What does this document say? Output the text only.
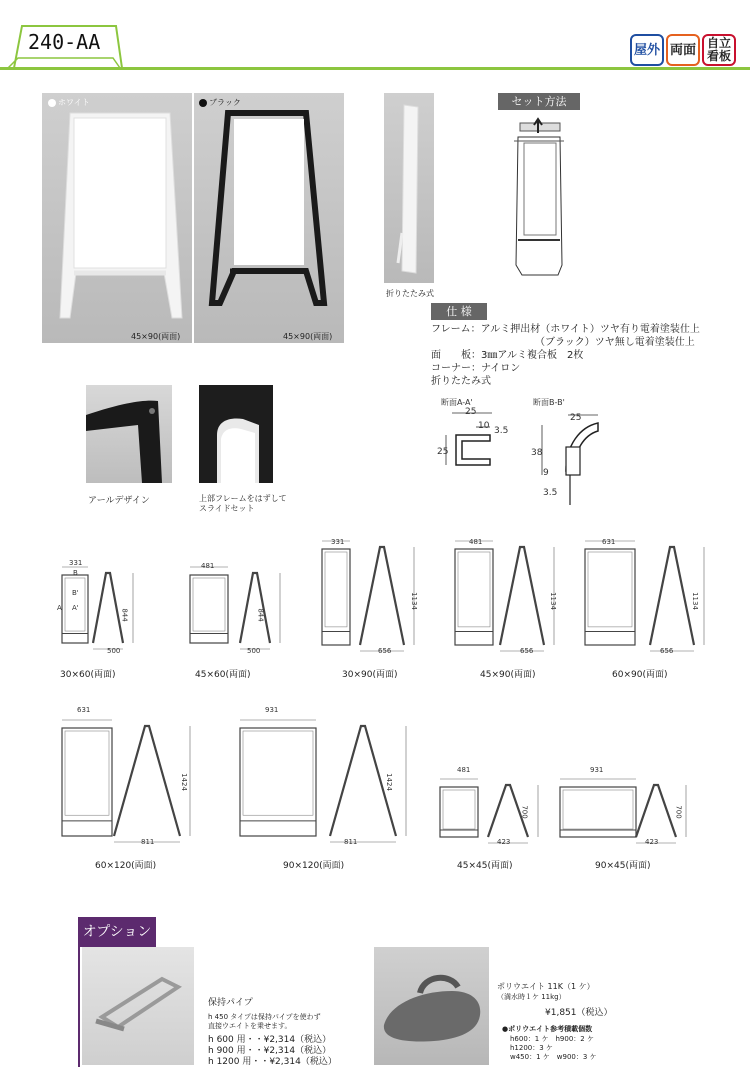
240-AA	屋外 両面 自立
看板
ホワイト
45×90(両面)
ブラック
45×90(両面)
折りたたみ式
セット方法
仕 様
フレーム：アルミ押出材（ホワイト）ツヤ有り電着塗装仕上
（ブラック）ツヤ無し電着塗装仕上
面　　板：3㎜アルミ複合板　2枚
コーナー：ナイロン
折りたたみ式
断面A-A'	断面B-B'
25
10 3.5
25
25
38
9
3.5
アールデザイン	上部フレームをはずして
スライドセット
30×60(両面)	45×60(両面)	30×90(両面)	45×90(両面)	60×90(両面)
60×120(両面)	90×120(両面)	45×45(両面)	90×45(両面)
B
B'
A A'
331
844
500
481
844
500
331
1134
656
481
1134
656
631
1134
656
631
1424
811
931
1424
811
481
700
423
931
700
423
オプション
保持パイプ
h 450 タイプは保持パイプを使わず
直接ウエイトを乗せます。
h 600 用・・¥2,314（税込）
h 900 用・・¥2,314（税込）
h 1200 用・・¥2,314（税込）
ポリウエイト 11K（1 ケ）
（満水時１ケ 11kg）
¥1,851（税込）
●ポリウエイト参考積載個数
h600：1 ケ　h900：2 ケ
h1200：3 ケ
w450：1 ケ　w900：3 ケ
